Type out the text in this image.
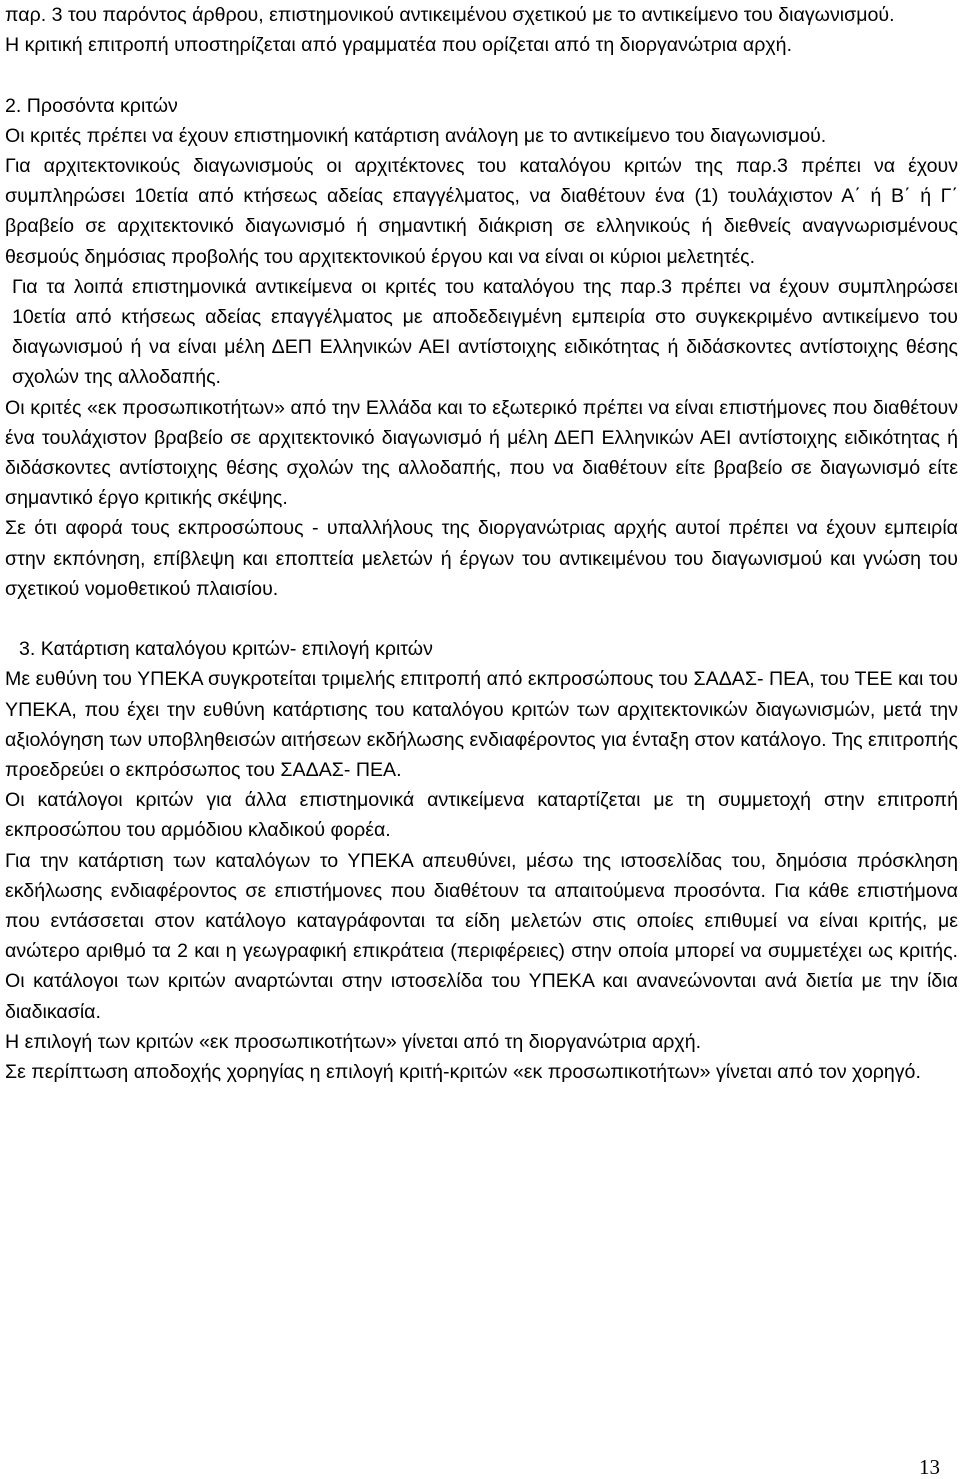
παρ. 3 του παρόντος άρθρου, επιστημονικού αντικειμένου σχετικού με το αντικείμενο του διαγωνισμού.

Η κριτική επιτροπή υποστηρίζεται από γραμματέα που ορίζεται από τη διοργανώτρια αρχή.

2. Προσόντα κριτών

Οι κριτές πρέπει να έχουν επιστημονική κατάρτιση ανάλογη με το αντικείμενο του διαγωνισμού.

Για αρχιτεκτονικούς διαγωνισμούς οι αρχιτέκτονες του καταλόγου κριτών της παρ.3 πρέπει να έχουν συμπληρώσει 10ετία από κτήσεως αδείας επαγγέλματος, να διαθέτουν ένα (1) τουλάχιστον Α΄ ή Β΄ ή Γ΄ βραβείο σε αρχιτεκτονικό διαγωνισμό ή σημαντική διάκριση σε ελληνικούς ή διεθνείς αναγνωρισμένους θεσμούς δημόσιας προβολής του αρχιτεκτονικού έργου και να είναι οι κύριοι μελετητές.

Για τα λοιπά επιστημονικά αντικείμενα οι κριτές του καταλόγου της παρ.3 πρέπει να έχουν συμπληρώσει 10ετία από κτήσεως αδείας επαγγέλματος με αποδεδειγμένη εμπειρία στο συγκεκριμένο αντικείμενο του διαγωνισμού ή να είναι μέλη ΔΕΠ Ελληνικών ΑΕΙ αντίστοιχης ειδικότητας ή διδάσκοντες αντίστοιχης θέσης σχολών της αλλοδαπής.

Οι κριτές «εκ προσωπικοτήτων» από την Ελλάδα και το εξωτερικό πρέπει να είναι επιστήμονες που διαθέτουν ένα τουλάχιστον βραβείο σε αρχιτεκτονικό διαγωνισμό ή μέλη ΔΕΠ Ελληνικών ΑΕΙ αντίστοιχης ειδικότητας ή διδάσκοντες αντίστοιχης θέσης σχολών της αλλοδαπής, που να διαθέτουν είτε βραβείο σε διαγωνισμό είτε σημαντικό έργο κριτικής σκέψης.

Σε ότι αφορά τους εκπροσώπους - υπαλλήλους της διοργανώτριας αρχής αυτοί πρέπει να έχουν εμπειρία στην εκπόνηση, επίβλεψη και εποπτεία μελετών ή έργων του αντικειμένου του διαγωνισμού και γνώση του σχετικού νομοθετικού πλαισίου.

3. Κατάρτιση καταλόγου κριτών- επιλογή κριτών

Με ευθύνη του ΥΠΕΚΑ συγκροτείται τριμελής επιτροπή από εκπροσώπους του ΣΑΔΑΣ- ΠΕΑ, του ΤΕΕ και του ΥΠΕΚΑ, που έχει την ευθύνη κατάρτισης του καταλόγου κριτών των αρχιτεκτονικών διαγωνισμών, μετά την αξιολόγηση των υποβληθεισών αιτήσεων εκδήλωσης ενδιαφέροντος για ένταξη στον κατάλογο. Της επιτροπής προεδρεύει ο εκπρόσωπος του ΣΑΔΑΣ- ΠΕΑ.

Οι κατάλογοι κριτών για άλλα επιστημονικά αντικείμενα καταρτίζεται με τη συμμετοχή στην επιτροπή εκπροσώπου του αρμόδιου κλαδικού φορέα.

Για την κατάρτιση των καταλόγων το ΥΠΕΚΑ απευθύνει, μέσω της ιστοσελίδας του, δημόσια πρόσκληση εκδήλωσης ενδιαφέροντος σε επιστήμονες που διαθέτουν τα απαιτούμενα προσόντα. Για κάθε επιστήμονα που εντάσσεται στον κατάλογο καταγράφονται τα είδη μελετών στις οποίες επιθυμεί να είναι κριτής, με ανώτερο αριθμό τα 2 και η γεωγραφική επικράτεια (περιφέρειες) στην οποία μπορεί να συμμετέχει ως κριτής. Οι κατάλογοι των κριτών αναρτώνται στην ιστοσελίδα του ΥΠΕΚΑ και ανανεώνονται ανά διετία με την ίδια διαδικασία.

Η επιλογή των κριτών «εκ προσωπικοτήτων» γίνεται από τη διοργανώτρια αρχή.

Σε περίπτωση αποδοχής χορηγίας η επιλογή κριτή-κριτών «εκ προσωπικοτήτων» γίνεται από τον χορηγό.

13
